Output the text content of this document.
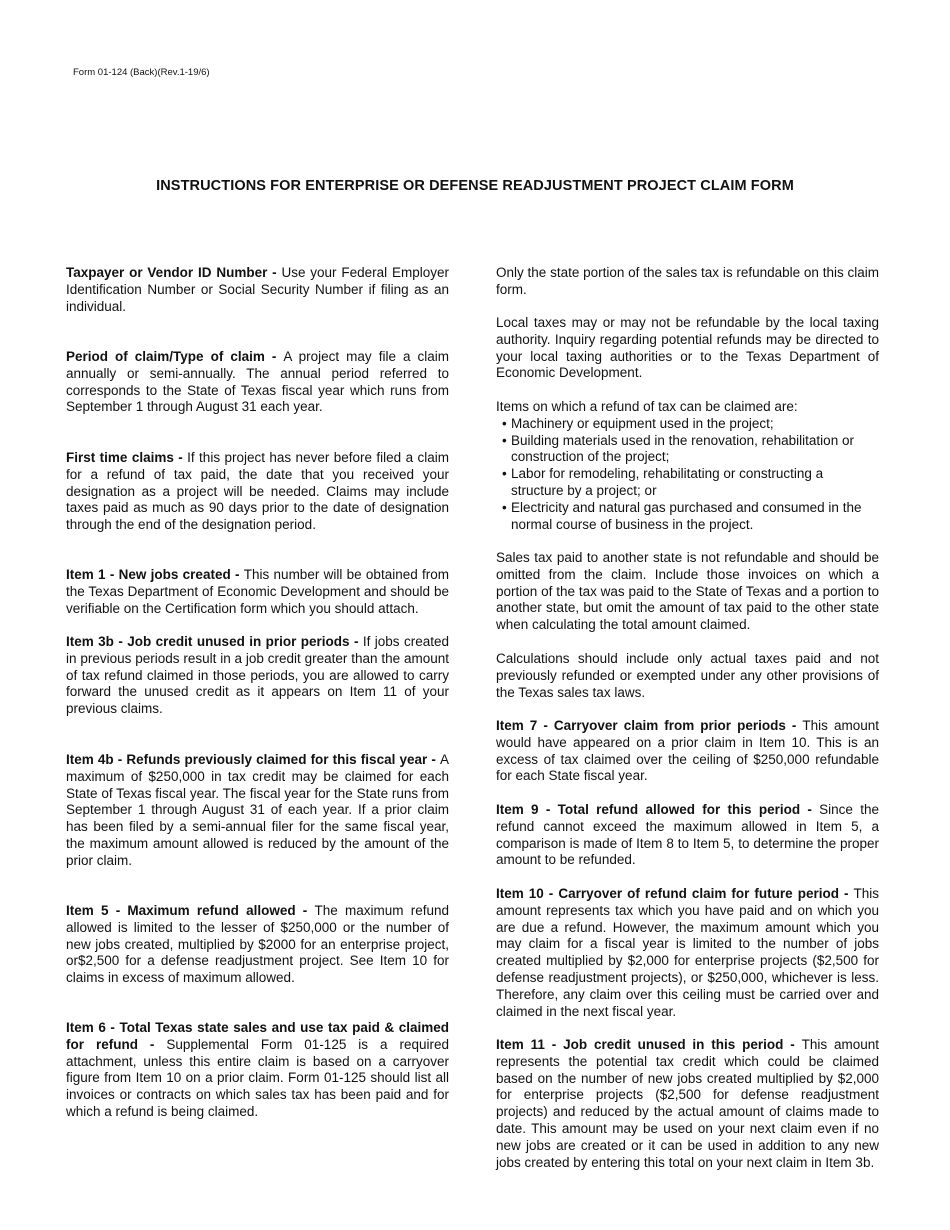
Form 01-124 (Back)(Rev.1-19/6)
INSTRUCTIONS FOR ENTERPRISE OR DEFENSE READJUSTMENT PROJECT CLAIM FORM

Taxpayer or Vendor ID Number - Use your Federal Employer Identification Number or Social Security Number if filing as an individual.

Period of claim/Type of claim - A project may file a claim annually or semi-annually. The annual period referred to corresponds to the State of Texas fiscal year which runs from September 1 through August 31 each year.

First time claims - If this project has never before filed a claim for a refund of tax paid, the date that you received your designation as a project will be needed. Claims may include taxes paid as much as 90 days prior to the date of designation through the end of the designation period.

Item 1 - New jobs created - This number will be obtained from the Texas Department of Economic Development and should be verifiable on the Certification form which you should attach.

Item 3b - Job credit unused in prior periods - If jobs created in previous periods result in a job credit greater than the amount of tax refund claimed in those periods, you are allowed to carry forward the unused credit as it appears on Item 11 of your previous claims.

Item 4b - Refunds previously claimed for this fiscal year - A maximum of $250,000 in tax credit may be claimed for each State of Texas fiscal year. The fiscal year for the State runs from September 1 through August 31 of each year. If a prior claim has been filed by a semi-annual filer for the same fiscal year, the maximum amount allowed is reduced by the amount of the prior claim.

Item 5 - Maximum refund allowed - The maximum refund allowed is limited to the lesser of $250,000 or the number of new jobs created, multiplied by $2000 for an enterprise project, or$2,500 for a defense readjustment project. See Item 10 for claims in excess of maximum allowed.

Item 6 - Total Texas state sales and use tax paid & claimed for refund - Supplemental Form 01-125 is a required attachment, unless this entire claim is based on a carryover figure from Item 10 on a prior claim. Form 01-125 should list all invoices or contracts on which sales tax has been paid and for which a refund is being claimed.

Only the state portion of the sales tax is refundable on this claim form.

Local taxes may or may not be refundable by the local taxing authority. Inquiry regarding potential refunds may be directed to your local taxing authorities or to the Texas Department of Economic Development.

Items on which a refund of tax can be claimed are:

• Machinery or equipment used in the project;
• Building materials used in the renovation, rehabilitation or construction of the project;
• Labor for remodeling, rehabilitating or constructing a structure by a project; or
• Electricity and natural gas purchased and consumed in the normal course of business in the project.

Sales tax paid to another state is not refundable and should be omitted from the claim. Include those invoices on which a portion of the tax was paid to the State of Texas and a portion to another state, but omit the amount of tax paid to the other state when calculating the total amount claimed.

Calculations should include only actual taxes paid and not previously refunded or exempted under any other provisions of the Texas sales tax laws.

Item 7 - Carryover claim from prior periods - This amount would have appeared on a prior claim in Item 10. This is an excess of tax claimed over the ceiling of $250,000 refundable for each State fiscal year.

Item 9 - Total refund allowed for this period - Since the refund cannot exceed the maximum allowed in Item 5, a comparison is made of Item 8 to Item 5, to determine the proper amount to be refunded.

Item 10 - Carryover of refund claim for future period - This amount represents tax which you have paid and on which you are due a refund. However, the maximum amount which you may claim for a fiscal year is limited to the number of jobs created multiplied by $2,000 for enterprise projects ($2,500 for defense readjustment projects), or $250,000, whichever is less. Therefore, any claim over this ceiling must be carried over and claimed in the next fiscal year.

Item 11 - Job credit unused in this period - This amount represents the potential tax credit which could be claimed based on the number of new jobs created multiplied by $2,000 for enterprise projects ($2,500 for defense readjustment projects) and reduced by the actual amount of claims made to date. This amount may be used on your next claim even if no new jobs are created or it can be used in addition to any new jobs created by entering this total on your next claim in Item 3b.
